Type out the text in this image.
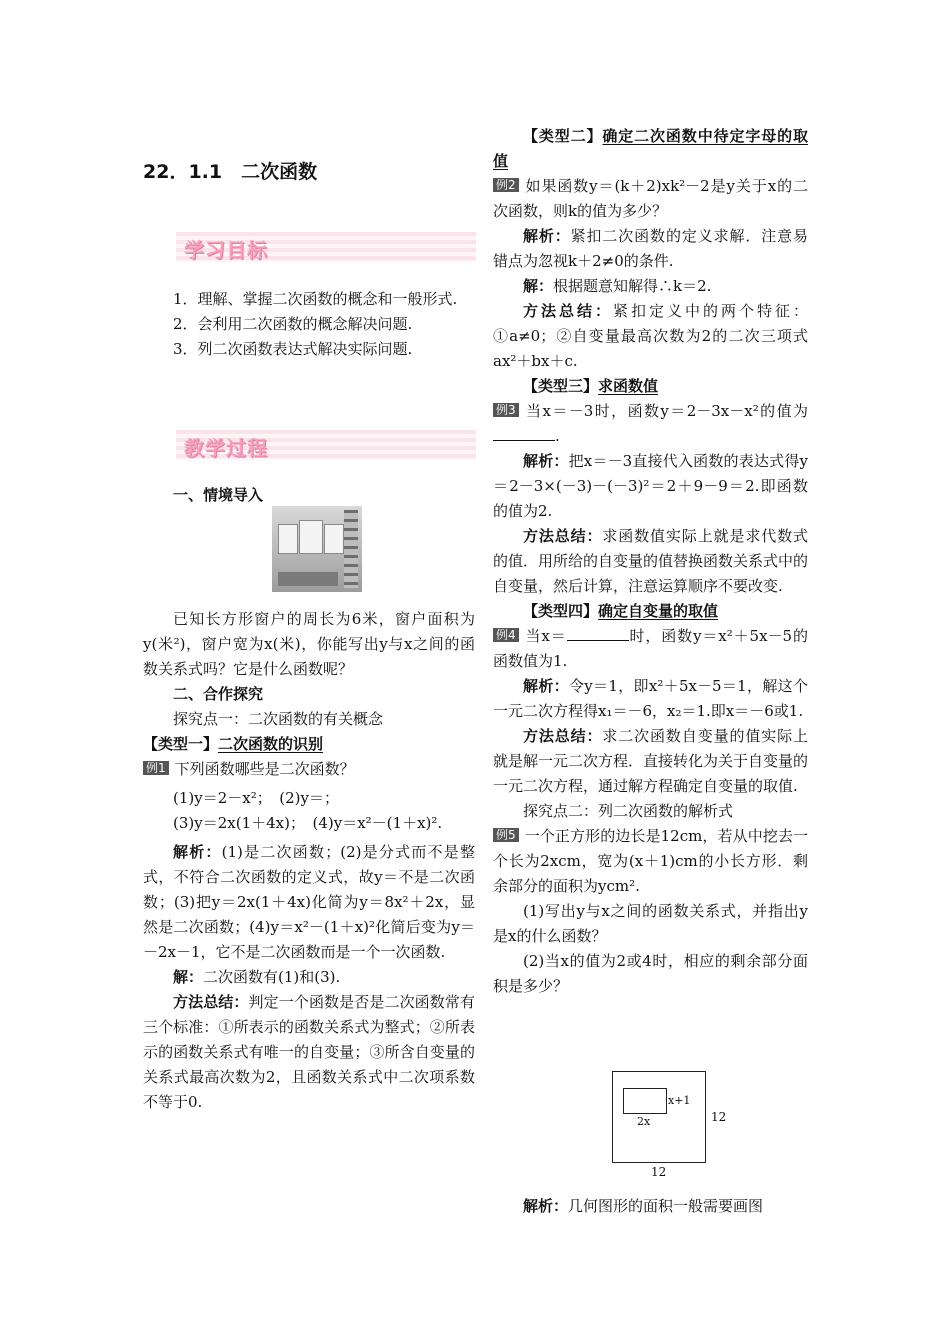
22．1.1　二次函数
学习目标

1．理解、掌握二次函数的概念和一般形式.

2．会利用二次函数的概念解决问题.

3．列二次函数表达式解决实际问题.

教学过程

一、情境导入

已知长方形窗户的周长为6米，窗户面积为y(米²)，窗户宽为x(米)，你能写出y与x之间的函数关系式吗？它是什么函数呢？

二、合作探究

探究点一：二次函数的有关概念

【类型一】二次函数的识别

例1 下列函数哪些是二次函数？

(1)y＝2－x²；　(2)y＝；

(3)y＝2x(1＋4x)；　(4)y＝x²－(1＋x)².

解析：(1)是二次函数；(2)是分式而不是整式，不符合二次函数的定义式，故y＝不是二次函数；(3)把y＝2x(1＋4x)化简为y＝8x²＋2x，显然是二次函数；(4)y＝x²－(1＋x)²化简后变为y＝－2x－1，它不是二次函数而是一个一次函数.

解：二次函数有(1)和(3).

方法总结：判定一个函数是否是二次函数常有三个标准：①所表示的函数关系式为整式；②所表示的函数关系式有唯一的自变量；③所含自变量的关系式最高次数为2，且函数关系式中二次项系数不等于0.

【类型二】确定二次函数中待定字母的取值

例2 如果函数y＝(k＋2)xk²－2是y关于x的二次函数，则k的值为多少？

解析：紧扣二次函数的定义求解．注意易错点为忽视k＋2≠0的条件.

解：根据题意知解得∴k＝2.

方法总结：紧扣定义中的两个特征：①a≠0；②自变量最高次数为2的二次三项式ax²＋bx＋c.

【类型三】求函数值

例3 当x＝－3时，函数y＝2－3x－x²的值为.

解析：把x＝－3直接代入函数的表达式得y＝2－3×(－3)－(－3)²＝2＋9－9＝2.即函数的值为2.

方法总结：求函数值实际上就是求代数式的值．用所给的自变量的值替换函数关系式中的自变量，然后计算，注意运算顺序不要改变.

【类型四】确定自变量的取值

例4 当x＝	时，函数y＝x²＋5x－5的函数值为1.

解析：令y＝1，即x²＋5x－5＝1，解这个一元二次方程得x₁＝－6，x₂＝1.即x＝－6或1.

方法总结：求二次函数自变量的值实际上就是解一元二次方程．直接转化为关于自变量的一元二次方程，通过解方程确定自变量的取值.

探究点二：列二次函数的解析式

例5 一个正方形的边长是12cm，若从中挖去一个长为2xcm，宽为(x＋1)cm的小长方形．剩余部分的面积为ycm².

(1)写出y与x之间的函数关系式，并指出y是x的什么函数？

(2)当x的值为2或4时，相应的剩余部分面积是多少？

x+1
2x	12
12

解析：几何图形的面积一般需要画图
